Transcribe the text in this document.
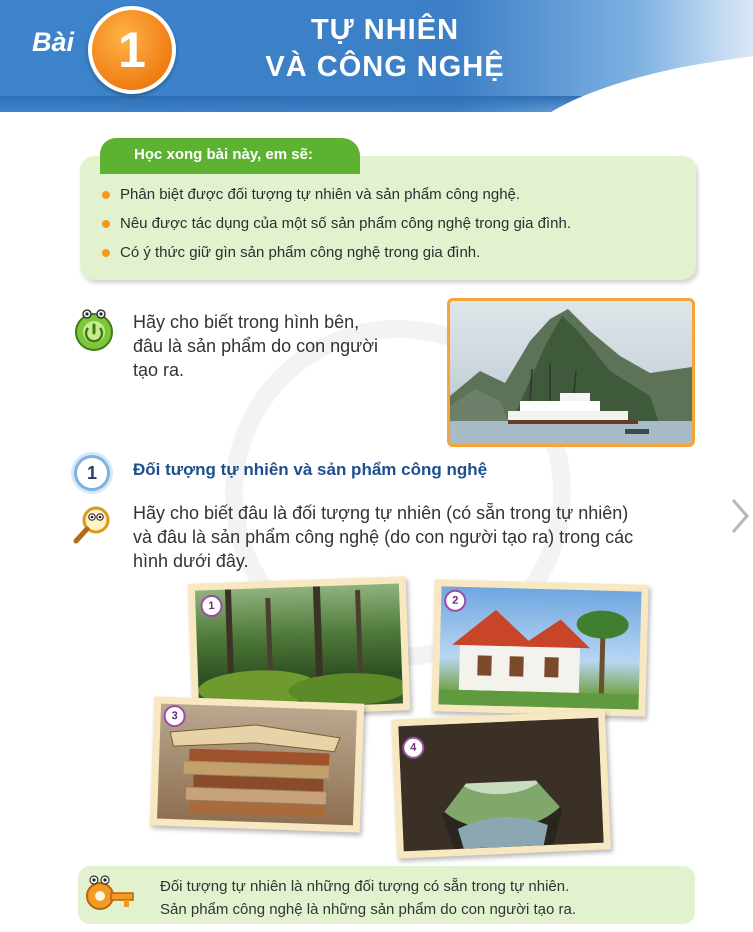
Bài 1	TỰ NHIÊN
VÀ CÔNG NGHỆ
Học xong bài này, em sẽ:
Phân biệt được đối tượng tự nhiên và sản phẩm công nghệ.
Nêu được tác dụng của một số sản phẩm công nghệ trong gia đình.
Có ý thức giữ gìn sản phẩm công nghệ trong gia đình.
Hãy cho biết trong hình bên,
đâu là sản phẩm do con người
tạo ra.
1	Đối tượng tự nhiên và sản phẩm công nghệ
Hãy cho biết đâu là đối tượng tự nhiên (có sẵn trong tự nhiên)
và đâu là sản phẩm công nghệ (do con người tạo ra) trong các
hình dưới đây.
1	2
3
4
Đối tượng tự nhiên là những đối tượng có sẵn trong tự nhiên.
Sản phẩm công nghệ là những sản phẩm do con người tạo ra.
